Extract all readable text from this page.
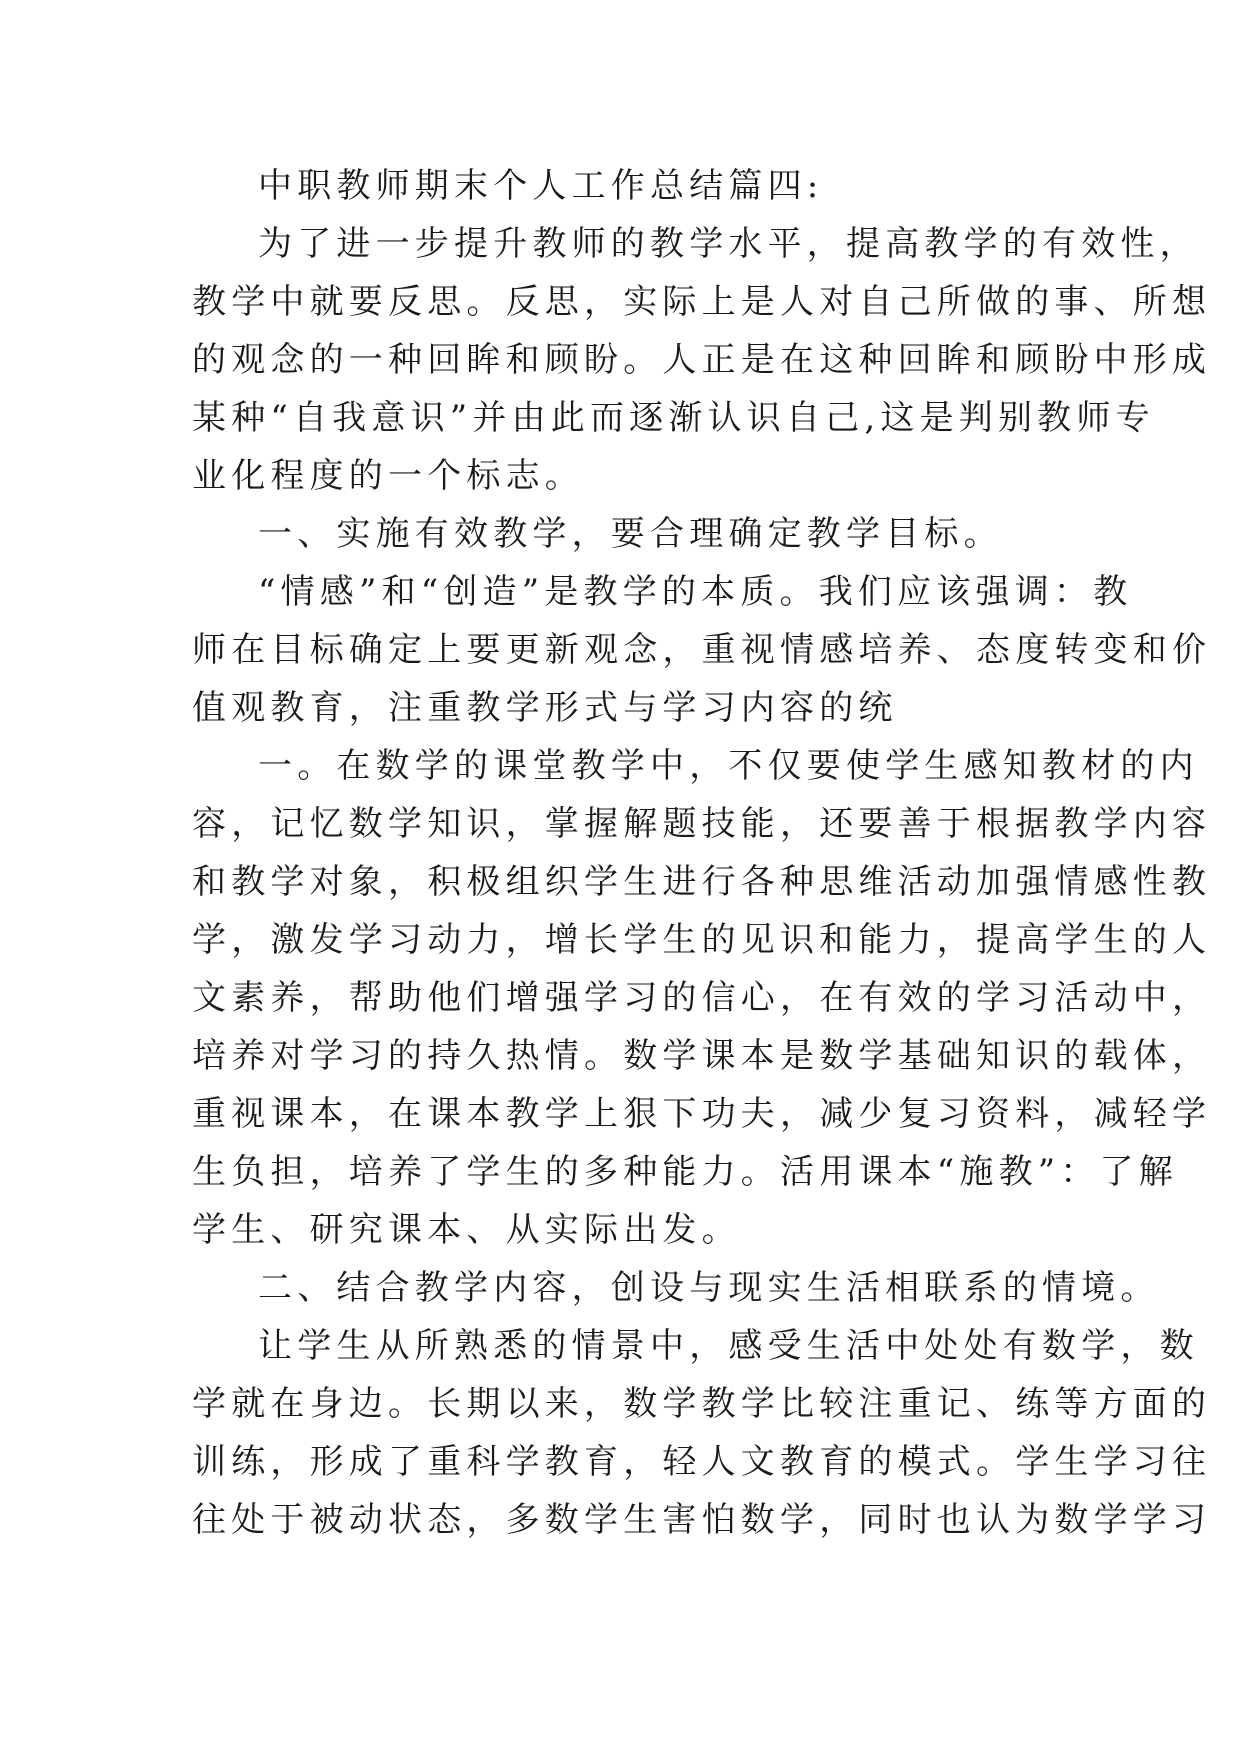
中职教师期末个人工作总结篇四:
为了进一步提升教师的教学水平，提高教学的有效性，
教学中就要反思。反思，实际上是人对自己所做的事、所想
的观念的一种回眸和顾盼。人正是在这种回眸和顾盼中形成
某种“自我意识”并由此而逐渐认识自己,这是判别教师专
业化程度的一个标志。
一、实施有效教学，要合理确定教学目标。
“情感”和“创造”是教学的本质。我们应该强调：教
师在目标确定上要更新观念，重视情感培养、态度转变和价
值观教育，注重教学形式与学习内容的统
一。在数学的课堂教学中，不仅要使学生感知教材的内
容，记忆数学知识，掌握解题技能，还要善于根据教学内容
和教学对象，积极组织学生进行各种思维活动加强情感性教
学，激发学习动力，增长学生的见识和能力，提高学生的人
文素养，帮助他们增强学习的信心，在有效的学习活动中，
培养对学习的持久热情。数学课本是数学基础知识的载体，
重视课本，在课本教学上狠下功夫，减少复习资料，减轻学
生负担，培养了学生的多种能力。活用课本“施教”：了解
学生、研究课本、从实际出发。
二、结合教学内容，创设与现实生活相联系的情境。
让学生从所熟悉的情景中，感受生活中处处有数学，数
学就在身边。长期以来，数学教学比较注重记、练等方面的
训练，形成了重科学教育，轻人文教育的模式。学生学习往
往处于被动状态，多数学生害怕数学，同时也认为数学学习
